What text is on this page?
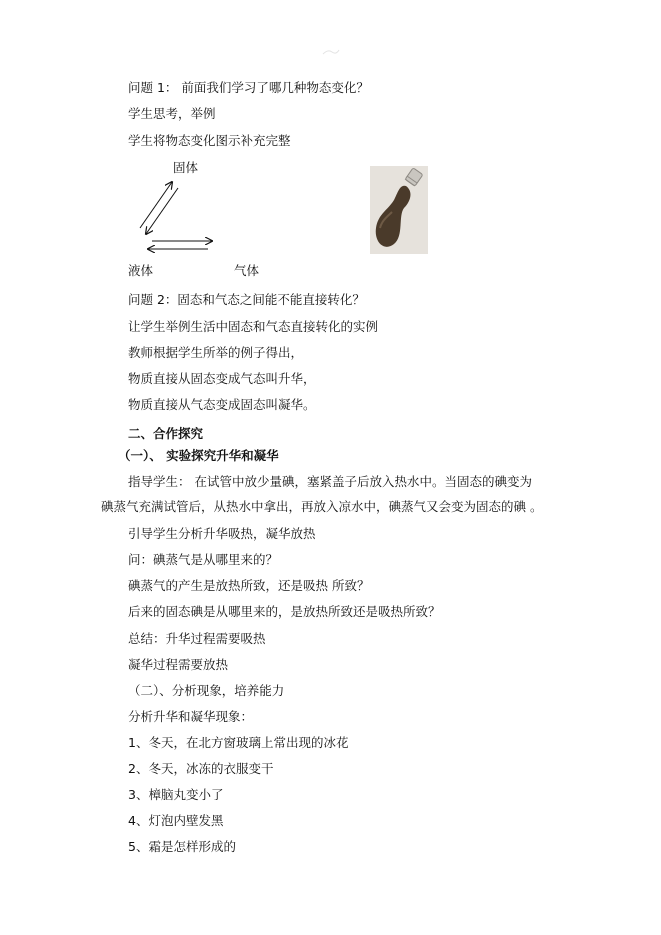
问题 1： 前面我们学习了哪几种物态变化？
学生思考，举例
学生将物态变化图示补充完整
固体
液体	气体
问题 2：固态和气态之间能不能直接转化？
让学生举例生活中固态和气态直接转化的实例
教师根据学生所举的例子得出，
物质直接从固态变成气态叫升华，
物质直接从气态变成固态叫凝华。
二、合作探究
（一）、 实验探究升华和凝华
指导学生： 在试管中放少量碘，塞紧盖子后放入热水中。当固态的碘变为
碘蒸气充满试管后，从热水中拿出，再放入凉水中，碘蒸气又会变为固态的碘 。
引导学生分析升华吸热，凝华放热
问：碘蒸气是从哪里来的？
碘蒸气的产生是放热所致，还是吸热 所致？
后来的固态碘是从哪里来的，是放热所致还是吸热所致？
总结：升华过程需要吸热
凝华过程需要放热
（二）、分析现象，培养能力
分析升华和凝华现象：
1、冬天，在北方窗玻璃上常出现的冰花
2、冬天，冰冻的衣服变干
3、樟脑丸变小了
4、灯泡内壁发黑
5、霜是怎样形成的
